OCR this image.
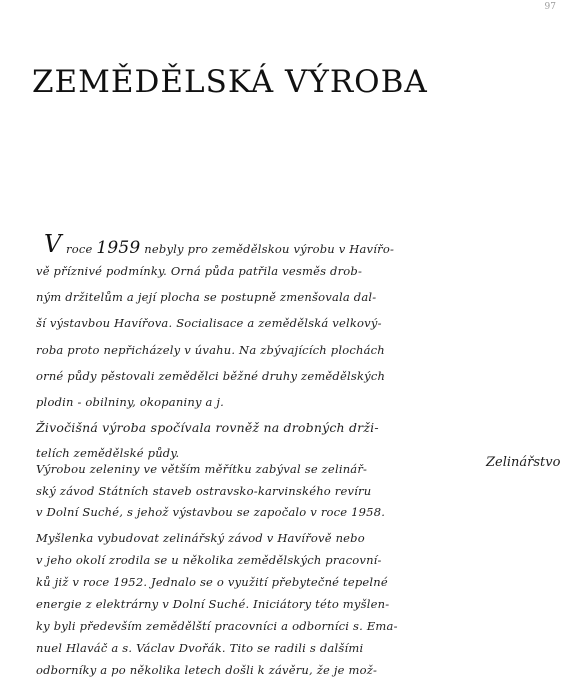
97
ZEMĚDĚLSKÁ VÝROBA
Zelinářstvo
V roce 1959 nebyly pro zemědělskou výrobu v Havířo-
vě příznivé podmínky. Orná půda patřila vesměs drob-
ným držitelům a její plocha se postupně zmenšovala dal-
ší výstavbou Havířova. Socialisace a zemědělská velkový-
roba proto nepřicházely v úvahu. Na zbývajících plochách
orné půdy pěstovali zemědělci běžné druhy zemědělských
plodin - obilniny, okopaniny a j.
Živočišná výroba spočívala rovněž na drobných drži-
telích zemědělské půdy.
Výrobou zeleniny ve větším měřítku zabýval se zelinář-
ský závod Státních staveb ostravsko-karvinského revíru
v Dolní Suché, s jehož výstavbou se započalo v roce 1958.
Myšlenka vybudovat zelinářský závod v Havířově nebo
v jeho okolí zrodila se u několika zemědělských pracovní-
ků již v roce 1952. Jednalo se o využití přebytečné tepelné
energie z elektrárny v Dolní Suché. Iniciátory této myšlen-
ky byli především zemědělští pracovníci a odborníci s. Ema-
nuel Hlaváč a s. Václav Dvořák. Tito se radili s dalšími
odborníky a po několika letech došli k závěru, že je mož-
